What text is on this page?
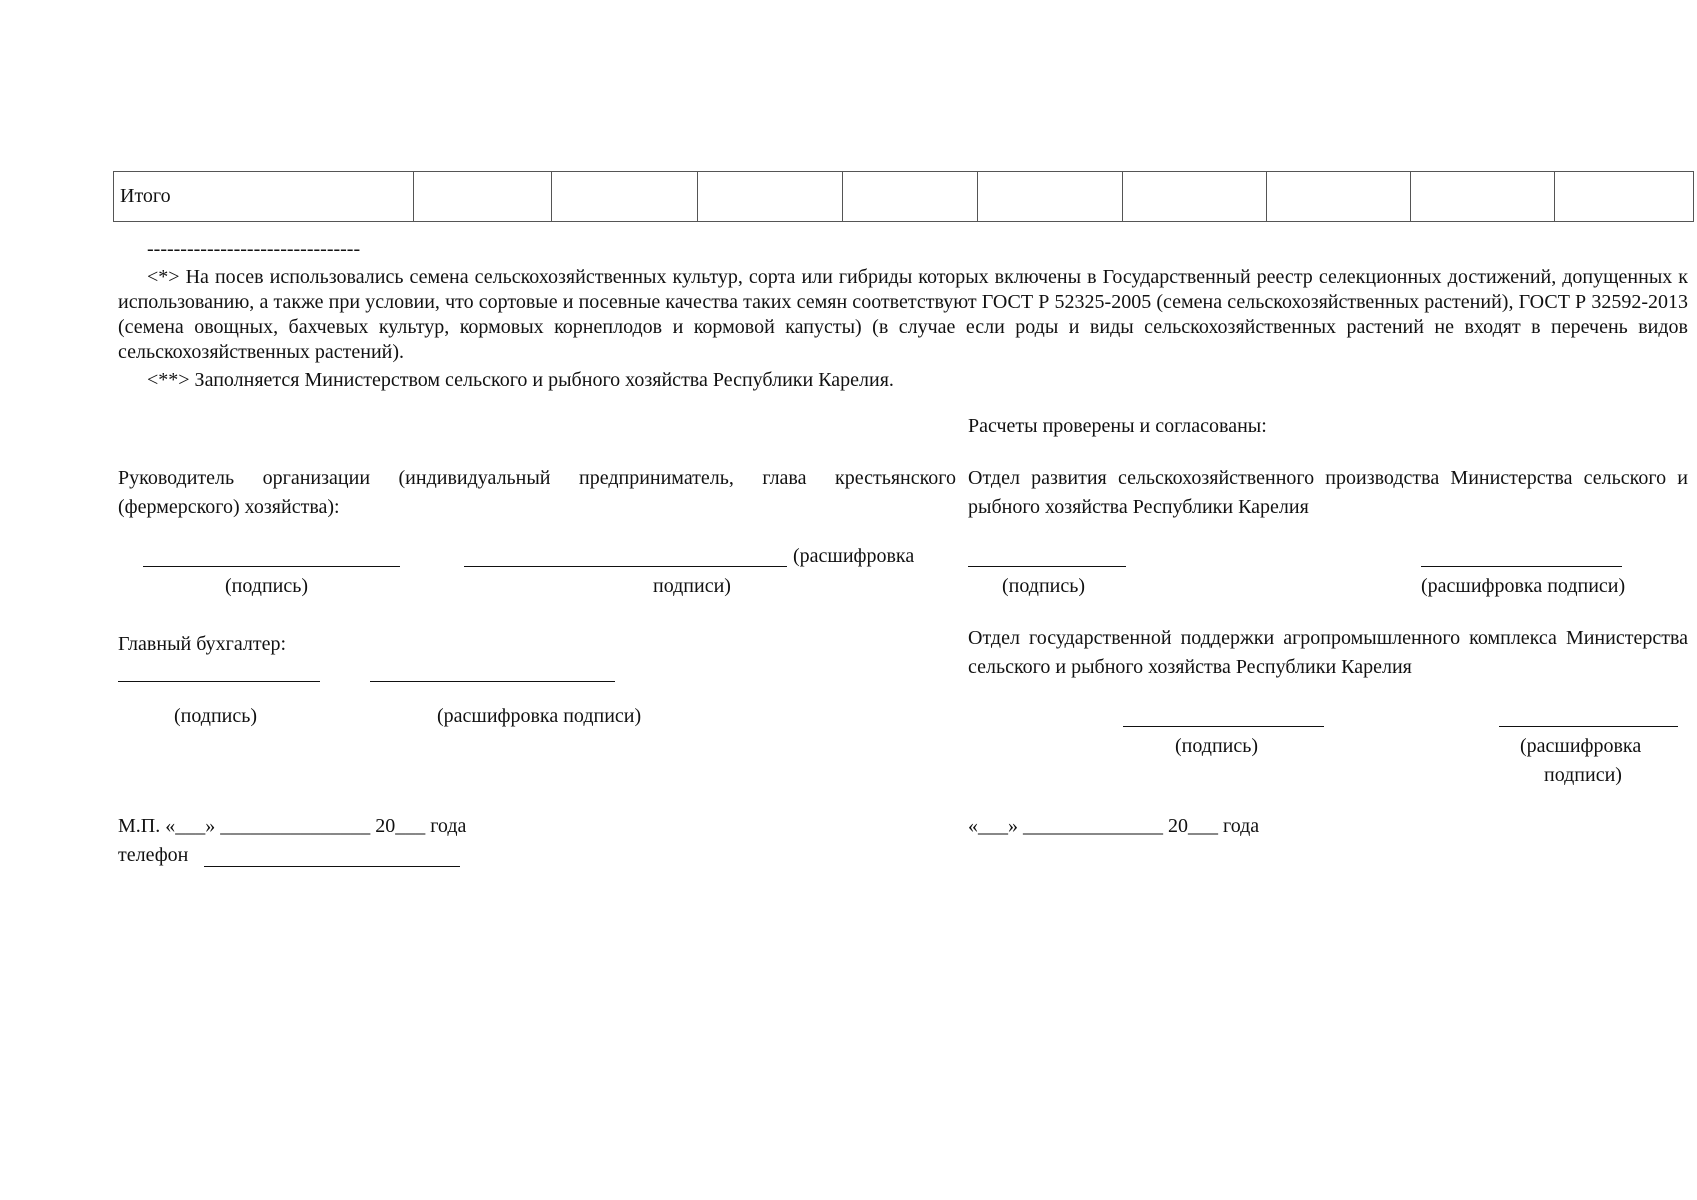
Итого									
--------------------------------
<*> На посев использовались семена сельскохозяйственных культур, сорта или гибриды которых включены в Государственный реестр селекционных достижений, допущенных к использованию, а также при условии, что сортовые и посевные качества таких семян соответствуют ГОСТ Р 52325-2005 (семена сельскохозяйственных растений), ГОСТ Р 32592-2013 (семена овощных, бахчевых культур, кормовых корнеплодов и кормовой капусты) (в случае если роды и виды сельскохозяйственных растений не входят в перечень видов сельскохозяйственных растений).
<**> Заполняется Министерством сельского и рыбного хозяйства Республики Карелия.
Расчеты проверены и согласованы:
Руководитель организации (индивидуальный предприниматель, глава крестьянского (фермерского) хозяйства):
(расшифровка
(подпись)	подписи)
Главный бухгалтер:
(подпись)	(расшифровка подписи)
М.П. «___» _______________ 20___ года
телефон
Отдел развития сельскохозяйственного производства Министерства сельского и рыбного хозяйства Республики Карелия
(подпись)	(расшифровка подписи)
Отдел государственной поддержки агропромышленного комплекса Министерства сельского и рыбного хозяйства Республики Карелия
(подпись)	(расшифровка
подписи)
«___» ______________ 20___ года
